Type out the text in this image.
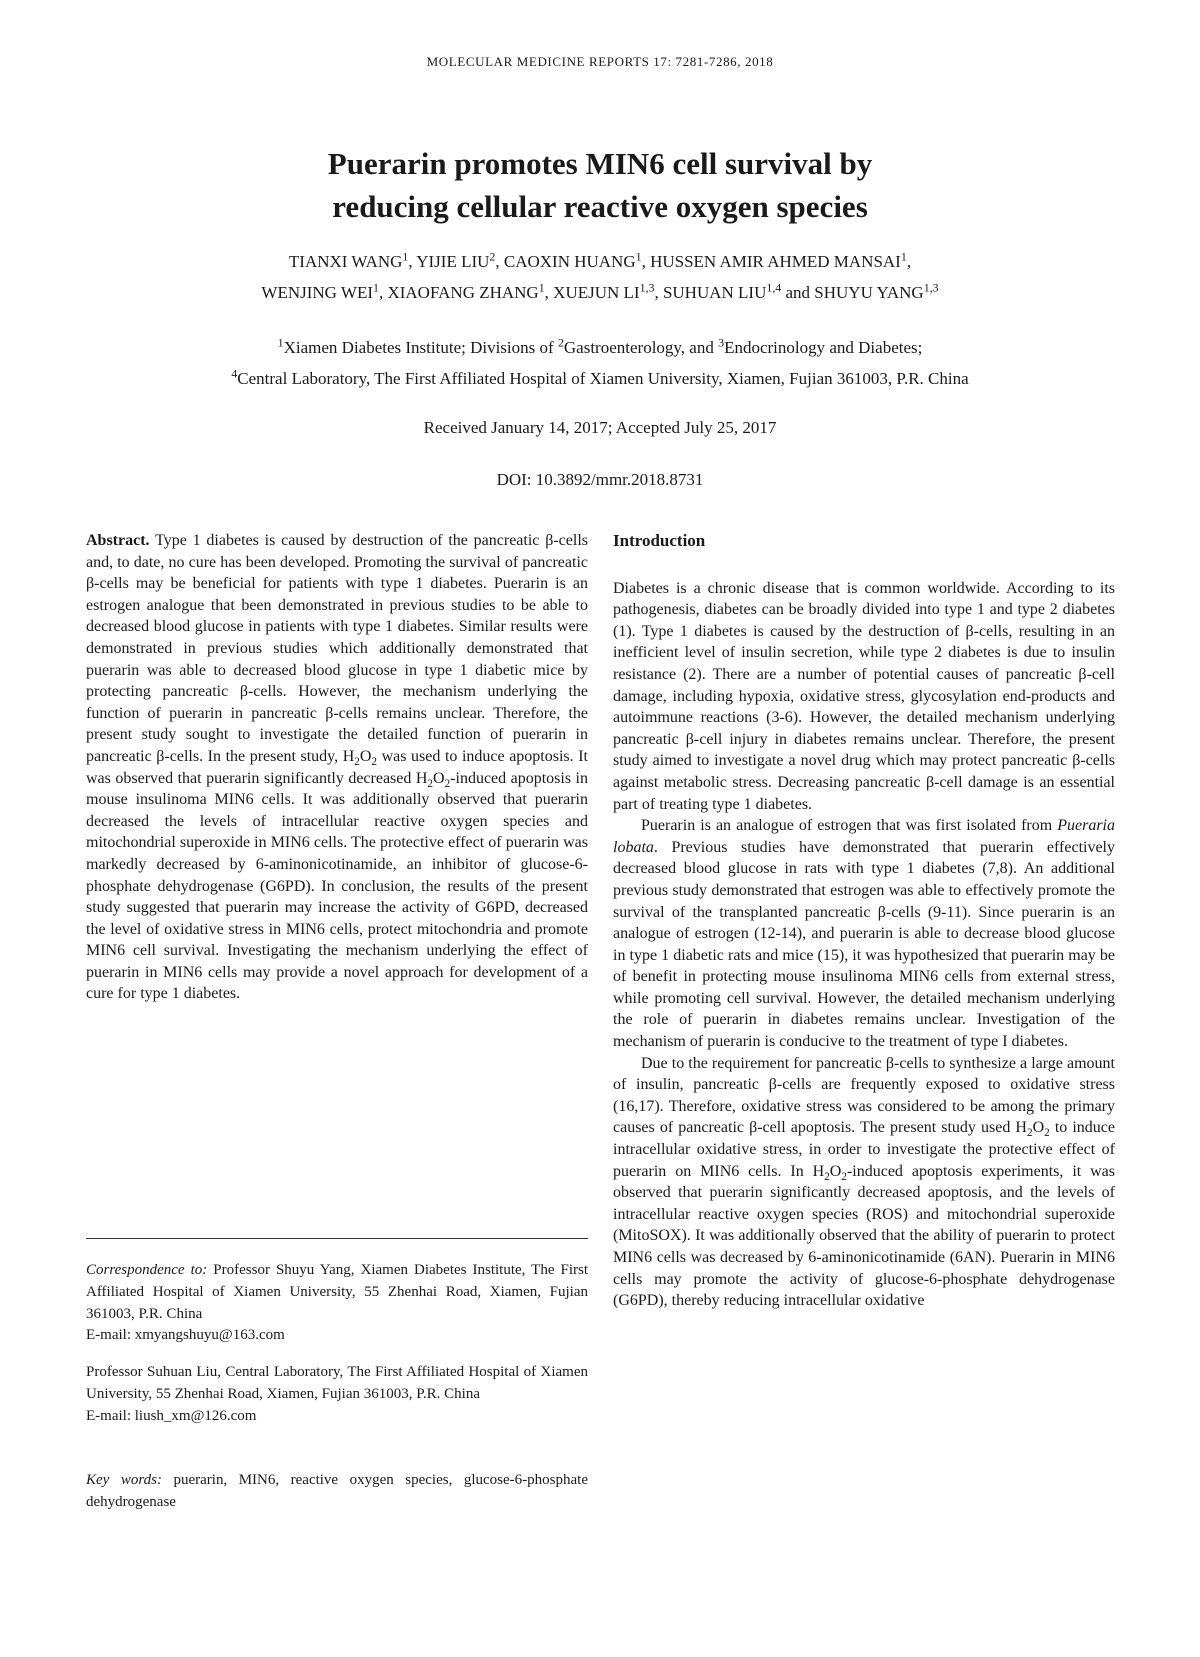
MOLECULAR MEDICINE REPORTS 17: 7281-7286, 2018
Puerarin promotes MIN6 cell survival by
reducing cellular reactive oxygen species
TIANXI WANG$^1$, YIJIE LIU$^2$, CAOXIN HUANG$^1$, HUSSEN AMIR AHMED MANSAI$^1$,
WENJING WEI$^1$, XIAOFANG ZHANG$^1$, XUEJUN LI$^{1,3}$, SUHUAN LIU$^{1,4}$ and SHUYU YANG$^{1,3}$
$^1$Xiamen Diabetes Institute; Divisions of $^2$Gastroenterology, and $^3$Endocrinology and Diabetes;
$^4$Central Laboratory, The First Affiliated Hospital of Xiamen University, Xiamen, Fujian 361003, P.R. China
Received January 14, 2017; Accepted July 25, 2017
DOI: 10.3892/mmr.2018.8731

Abstract. Type 1 diabetes is caused by destruction of the pancreatic β-cells and, to date, no cure has been developed. Promoting the survival of pancreatic β-cells may be beneficial for patients with type 1 diabetes. Puerarin is an estrogen analogue that been demonstrated in previous studies to be able to decreased blood glucose in patients with type 1 diabetes. Similar results were demonstrated in previous studies which additionally demonstrated that puerarin was able to decreased blood glucose in type 1 diabetic mice by protecting pancreatic β-cells. However, the mechanism underlying the function of puerarin in pancreatic β-cells remains unclear. Therefore, the present study sought to investigate the detailed function of puerarin in pancreatic β-cells. In the present study, $H_2O_2$ was used to induce apoptosis. It was observed that puerarin significantly decreased $H_2O_2$-induced apoptosis in mouse insulinoma MIN6 cells. It was additionally observed that puerarin decreased the levels of intracellular reactive oxygen species and mitochondrial superoxide in MIN6 cells. The protective effect of puerarin was markedly decreased by 6-aminonicotinamide, an inhibitor of glucose-6-phosphate dehydrogenase (G6PD). In conclusion, the results of the present study suggested that puerarin may increase the activity of G6PD, decreased the level of oxidative stress in MIN6 cells, protect mitochondria and promote MIN6 cell survival. Investigating the mechanism underlying the effect of puerarin in MIN6 cells may provide a novel approach for development of a cure for type 1 diabetes.

Correspondence to: Professor Shuyu Yang, Xiamen Diabetes Institute, The First Affiliated Hospital of Xiamen University, 55 Zhenhai Road, Xiamen, Fujian 361003, P.R. China

E-mail: xmyangshuyu@163.com

Professor Suhuan Liu, Central Laboratory, The First Affiliated Hospital of Xiamen University, 55 Zhenhai Road, Xiamen, Fujian 361003, P.R. China

E-mail: liush_xm@126.com

Key words: puerarin, MIN6, reactive oxygen species, glucose-6-phosphate dehydrogenase

Introduction

Diabetes is a chronic disease that is common worldwide. According to its pathogenesis, diabetes can be broadly divided into type 1 and type 2 diabetes (1). Type 1 diabetes is caused by the destruction of β-cells, resulting in an inefficient level of insulin secretion, while type 2 diabetes is due to insulin resistance (2). There are a number of potential causes of pancreatic β-cell damage, including hypoxia, oxidative stress, glycosylation end-products and autoimmune reactions (3-6). However, the detailed mechanism underlying pancreatic β-cell injury in diabetes remains unclear. Therefore, the present study aimed to investigate a novel drug which may protect pancreatic β-cells against metabolic stress. Decreasing pancreatic β-cell damage is an essential part of treating type 1 diabetes.

Puerarin is an analogue of estrogen that was first isolated from Pueraria lobata. Previous studies have demonstrated that puerarin effectively decreased blood glucose in rats with type 1 diabetes (7,8). An additional previous study demonstrated that estrogen was able to effectively promote the survival of the transplanted pancreatic β-cells (9-11). Since puerarin is an analogue of estrogen (12-14), and puerarin is able to decrease blood glucose in type 1 diabetic rats and mice (15), it was hypothesized that puerarin may be of benefit in protecting mouse insulinoma MIN6 cells from external stress, while promoting cell survival. However, the detailed mechanism underlying the role of puerarin in diabetes remains unclear. Investigation of the mechanism of puerarin is conducive to the treatment of type I diabetes.

Due to the requirement for pancreatic β-cells to synthesize a large amount of insulin, pancreatic β-cells are frequently exposed to oxidative stress (16,17). Therefore, oxidative stress was considered to be among the primary causes of pancreatic β-cell apoptosis. The present study used $H_2O_2$ to induce intracellular oxidative stress, in order to investigate the protective effect of puerarin on MIN6 cells. In $H_2O_2$-induced apoptosis experiments, it was observed that puerarin significantly decreased apoptosis, and the levels of intracellular reactive oxygen species (ROS) and mitochondrial superoxide (MitoSOX). It was additionally observed that the ability of puerarin to protect MIN6 cells was decreased by 6-aminonicotinamide (6AN). Puerarin in MIN6 cells may promote the activity of glucose-6-phosphate dehydrogenase (G6PD), thereby reducing intracellular oxidative
